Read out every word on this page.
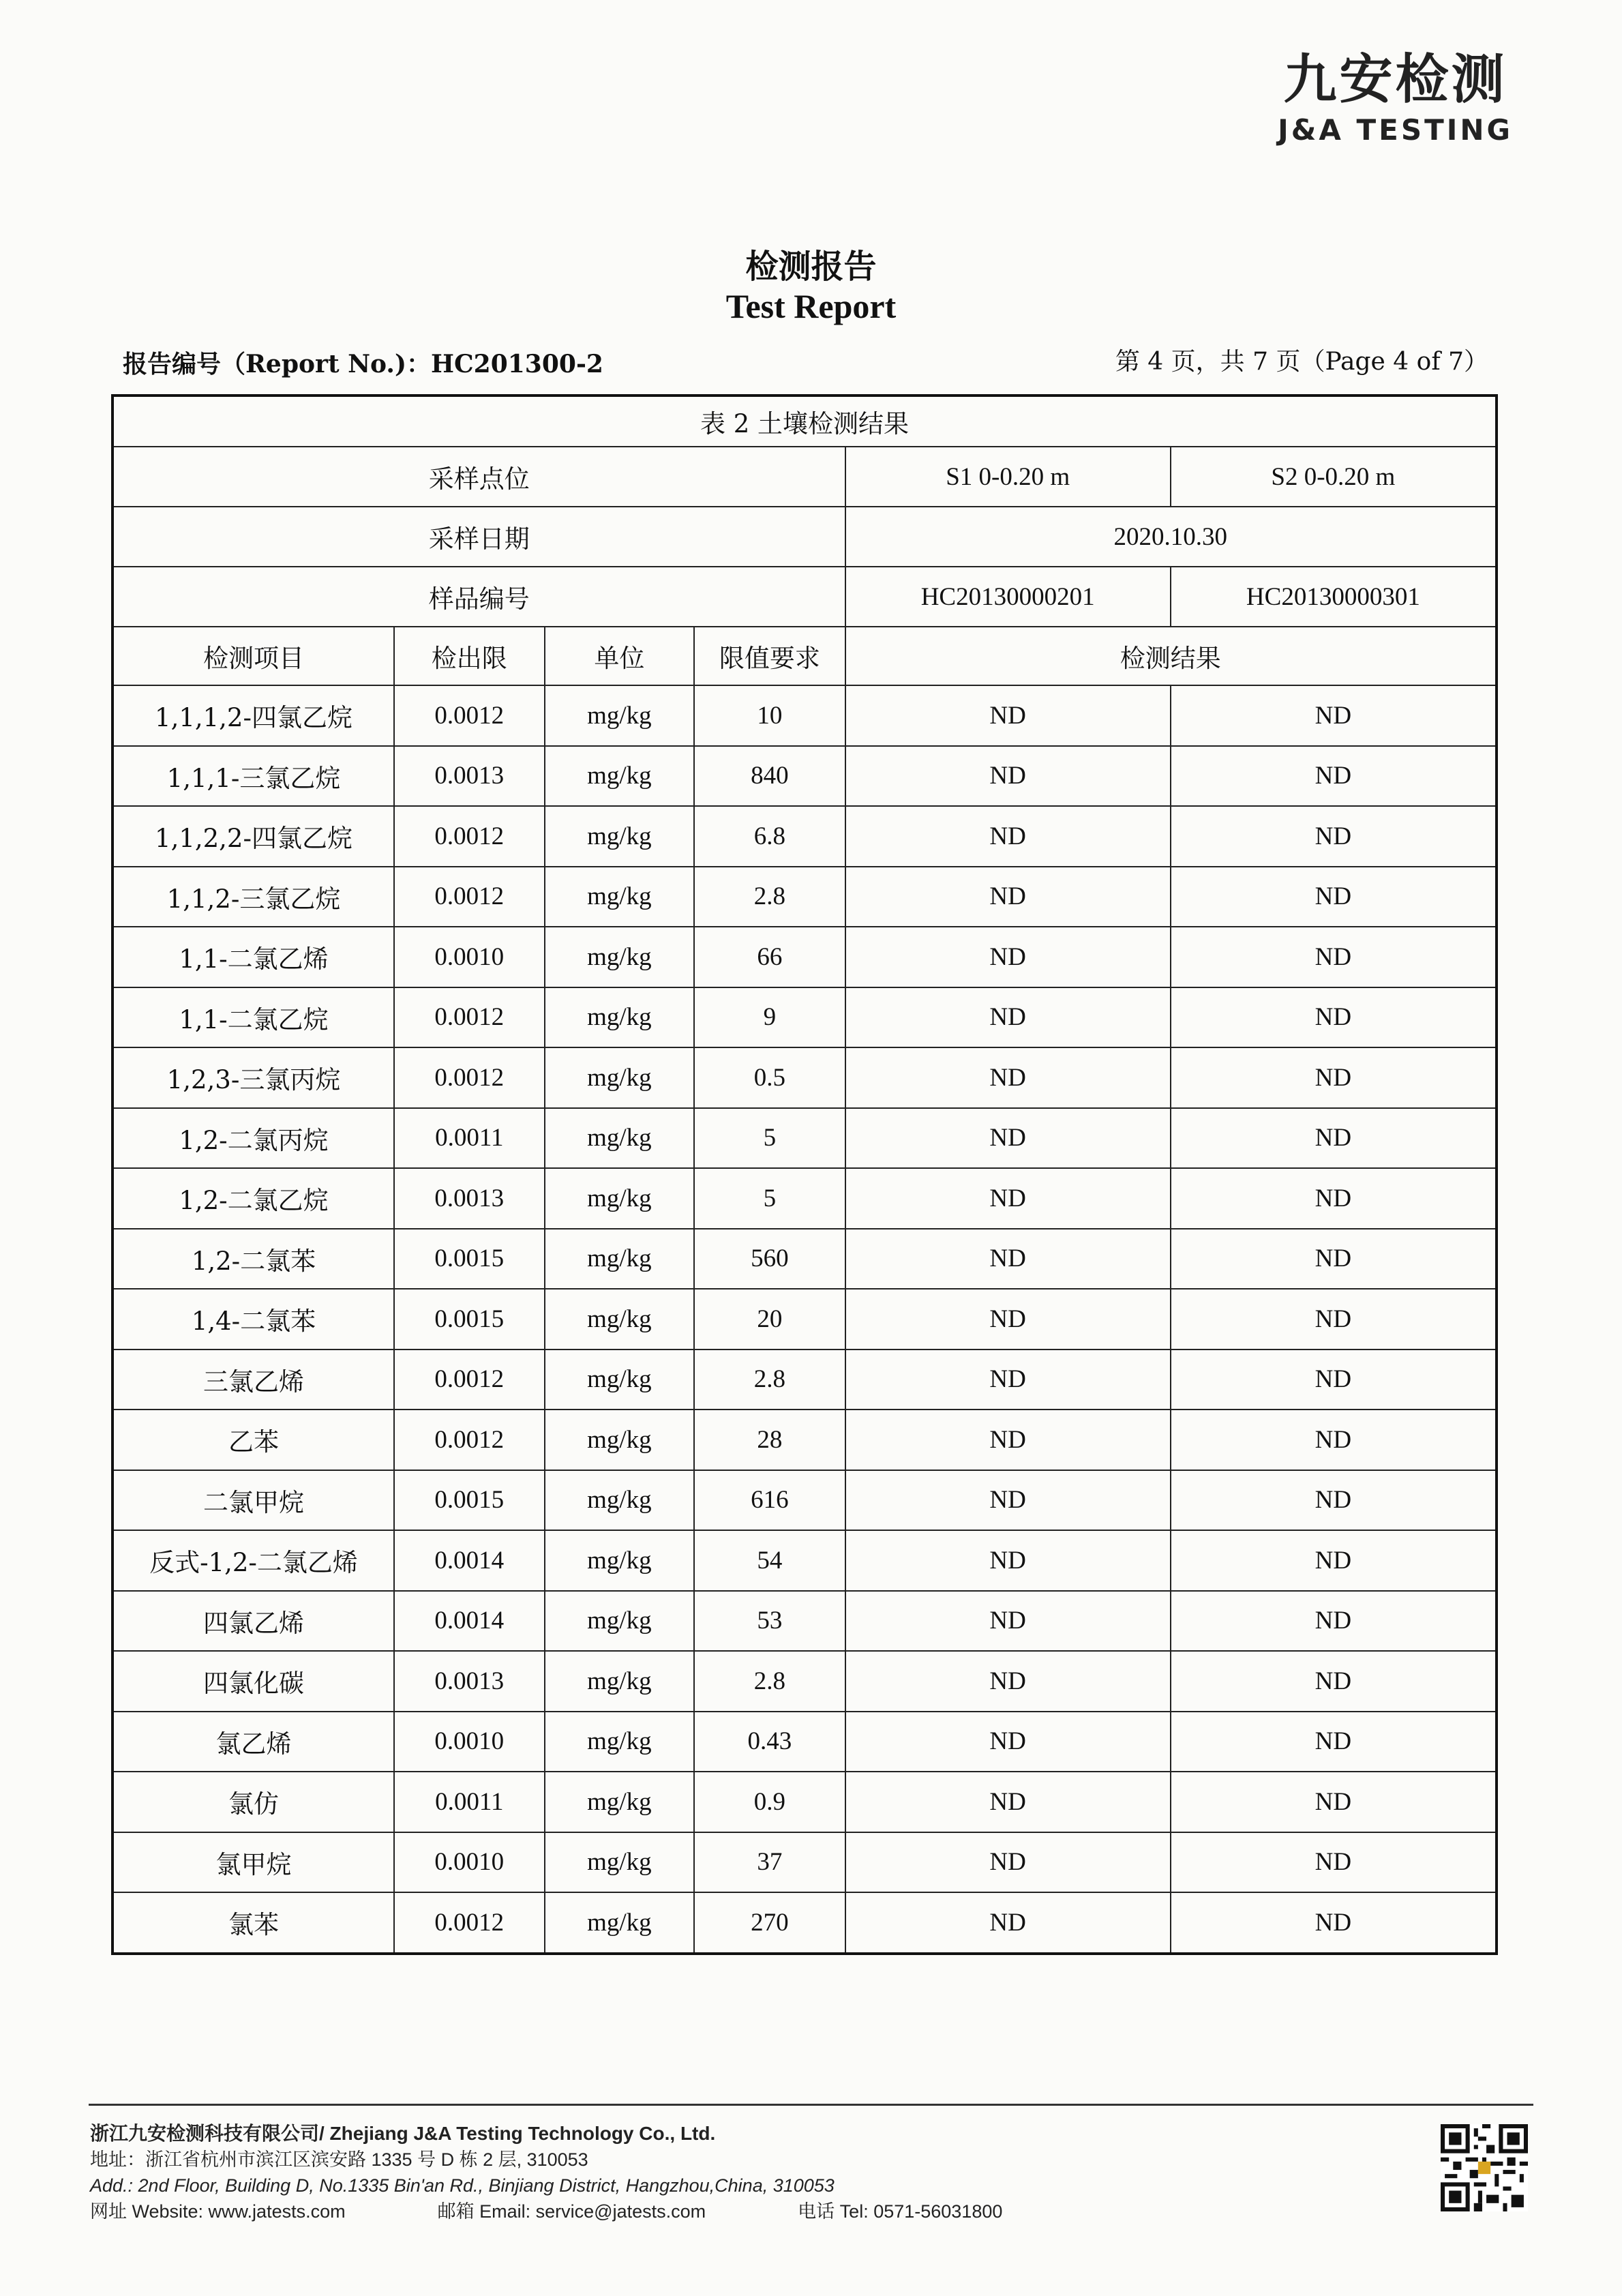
九安检测
J&A TESTING
检测报告
Test Report
报告编号（Report No.)：HC201300-2	第 4 页，共 7 页（Page 4 of 7）
表 2 土壤检测结果					
采样点位				S1 0-0.20 m	S2 0-0.20 m
采样日期				2020.10.30	
样品编号				HC20130000201	HC20130000301
检测项目	检出限	单位	限值要求	检测结果	
1,1,1,2-四氯乙烷	0.0012	mg/kg	10	ND	ND
1,1,1-三氯乙烷	0.0013	mg/kg	840	ND	ND
1,1,2,2-四氯乙烷	0.0012	mg/kg	6.8	ND	ND
1,1,2-三氯乙烷	0.0012	mg/kg	2.8	ND	ND
1,1-二氯乙烯	0.0010	mg/kg	66	ND	ND
1,1-二氯乙烷	0.0012	mg/kg	9	ND	ND
1,2,3-三氯丙烷	0.0012	mg/kg	0.5	ND	ND
1,2-二氯丙烷	0.0011	mg/kg	5	ND	ND
1,2-二氯乙烷	0.0013	mg/kg	5	ND	ND
1,2-二氯苯	0.0015	mg/kg	560	ND	ND
1,4-二氯苯	0.0015	mg/kg	20	ND	ND
三氯乙烯	0.0012	mg/kg	2.8	ND	ND
乙苯	0.0012	mg/kg	28	ND	ND
二氯甲烷	0.0015	mg/kg	616	ND	ND
反式-1,2-二氯乙烯	0.0014	mg/kg	54	ND	ND
四氯乙烯	0.0014	mg/kg	53	ND	ND
四氯化碳	0.0013	mg/kg	2.8	ND	ND
氯乙烯	0.0010	mg/kg	0.43	ND	ND
氯仿	0.0011	mg/kg	0.9	ND	ND
氯甲烷	0.0010	mg/kg	37	ND	ND
氯苯	0.0012	mg/kg	270	ND	ND
浙江九安检测科技有限公司/ Zhejiang J&A Testing Technology Co., Ltd.
地址：浙江省杭州市滨江区滨安路 1335 号 D 栋 2 层, 310053
Add.: 2nd Floor, Building D, No.1335 Bin'an Rd., Binjiang District, Hangzhou,China, 310053
网址 Website: www.jatests.com	邮箱 Email: service@jatests.com	电话 Tel: 0571-56031800
